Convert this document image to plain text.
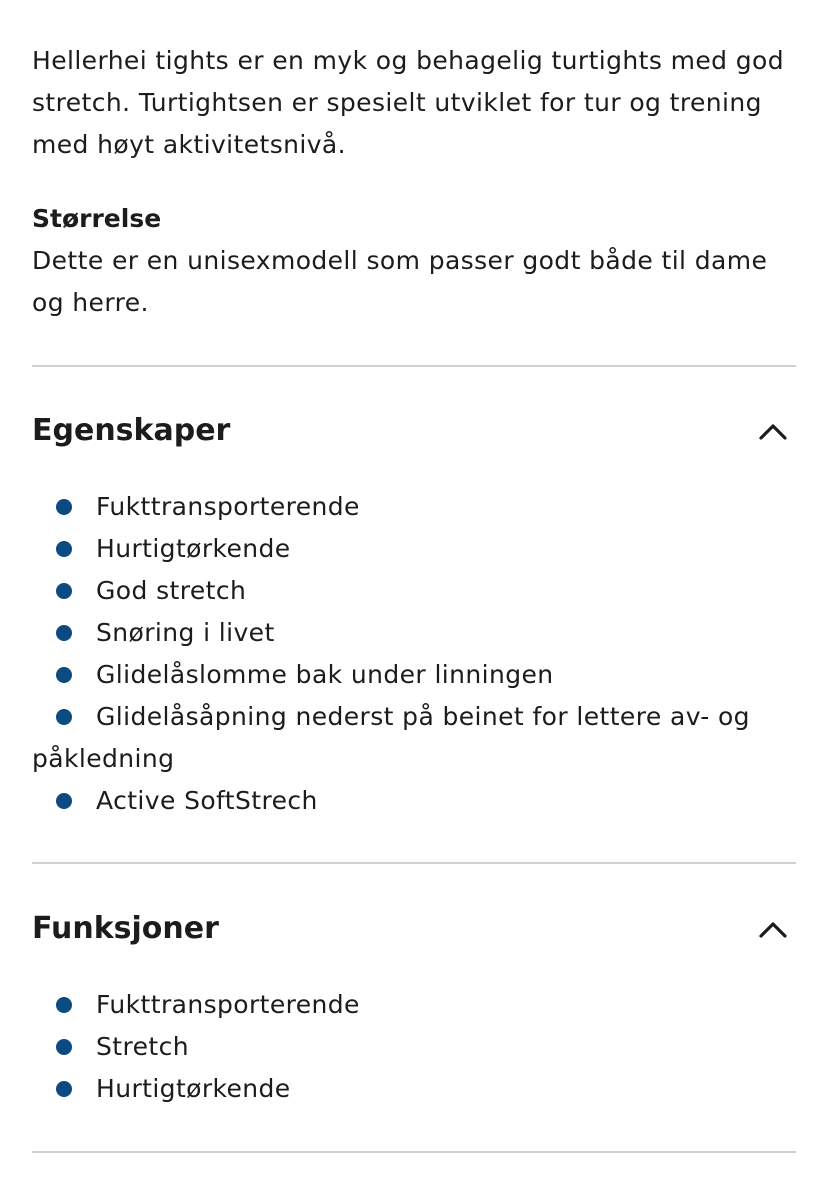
Hellerhei tights er en myk og behagelig turtights med god stretch. Turtightsen er spesielt utviklet for tur og trening med høyt aktivitetsnivå.

Størrelse

Dette er en unisexmodell som passer godt både til dame og herre.

Egenskaper
Fukttransporterende
Hurtigtørkende
God stretch
Snøring i livet
Glidelåslomme bak under linningen
Glidelåsåpning nederst på beinet for lettere av- og påkledning
Active SoftStrech
Funksjoner
Fukttransporterende
Stretch
Hurtigtørkende
